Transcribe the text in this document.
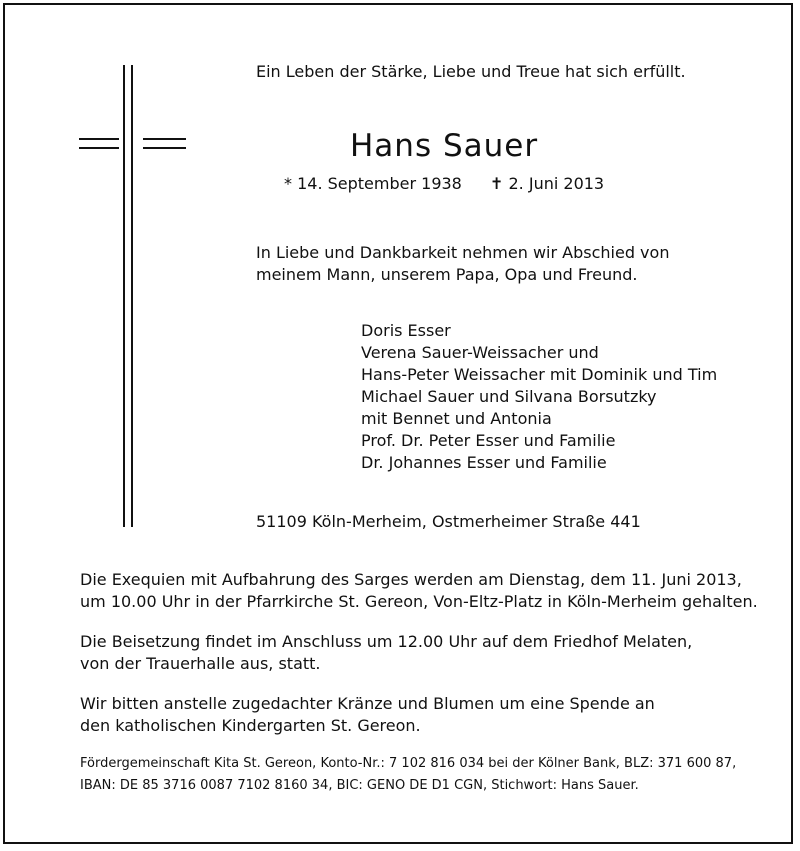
Ein Leben der Stärke, Liebe und Treue hat sich erfüllt.

Hans Sauer

* 14. September 1938 ✝ 2. Juni 2013

In Liebe und Dankbarkeit nehmen wir Abschied von
meinem Mann, unserem Papa, Opa und Freund.

Doris Esser
Verena Sauer-Weissacher und
Hans-Peter Weissacher mit Dominik und Tim
Michael Sauer und Silvana Borsutzky
mit Bennet und Antonia
Prof. Dr. Peter Esser und Familie
Dr. Johannes Esser und Familie

51109 Köln-Merheim, Ostmerheimer Straße 441

Die Exequien mit Aufbahrung des Sarges werden am Dienstag, dem 11. Juni 2013,
um 10.00 Uhr in der Pfarrkirche St. Gereon, Von-Eltz-Platz in Köln-Merheim gehalten.

Die Beisetzung findet im Anschluss um 12.00 Uhr auf dem Friedhof Melaten,
von der Trauerhalle aus, statt.

Wir bitten anstelle zugedachter Kränze und Blumen um eine Spende an
den katholischen Kindergarten St. Gereon.

Fördergemeinschaft Kita St. Gereon, Konto-Nr.: 7 102 816 034 bei der Kölner Bank, BLZ: 371 600 87,
IBAN: DE 85 3716 0087 7102 8160 34, BIC: GENO DE D1 CGN, Stichwort: Hans Sauer.
